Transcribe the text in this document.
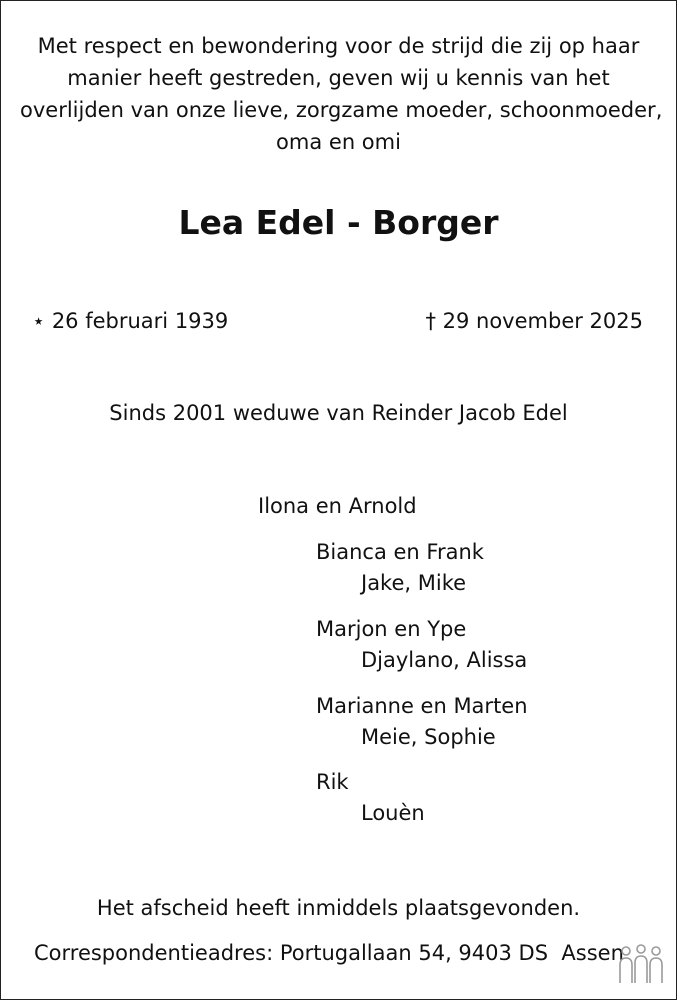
Met respect en bewondering voor de strijd die zij op haar
manier heeft gestreden, geven wij u kennis van het
overlijden van onze lieve, zorgzame moeder, schoonmoeder,
oma en omi
Lea Edel - Borger
⋆ 26 februari 1939	† 29 november 2025
Sinds 2001 weduwe van Reinder Jacob Edel
Ilona en Arnold
Bianca en Frank
Jake, Mike
Marjon en Ype
Djaylano, Alissa
Marianne en Marten
Meie, Sophie
Rik
Louèn
Het afscheid heeft inmiddels plaatsgevonden.
Correspondentieadres: Portugallaan 54, 9403 DS  Assen
